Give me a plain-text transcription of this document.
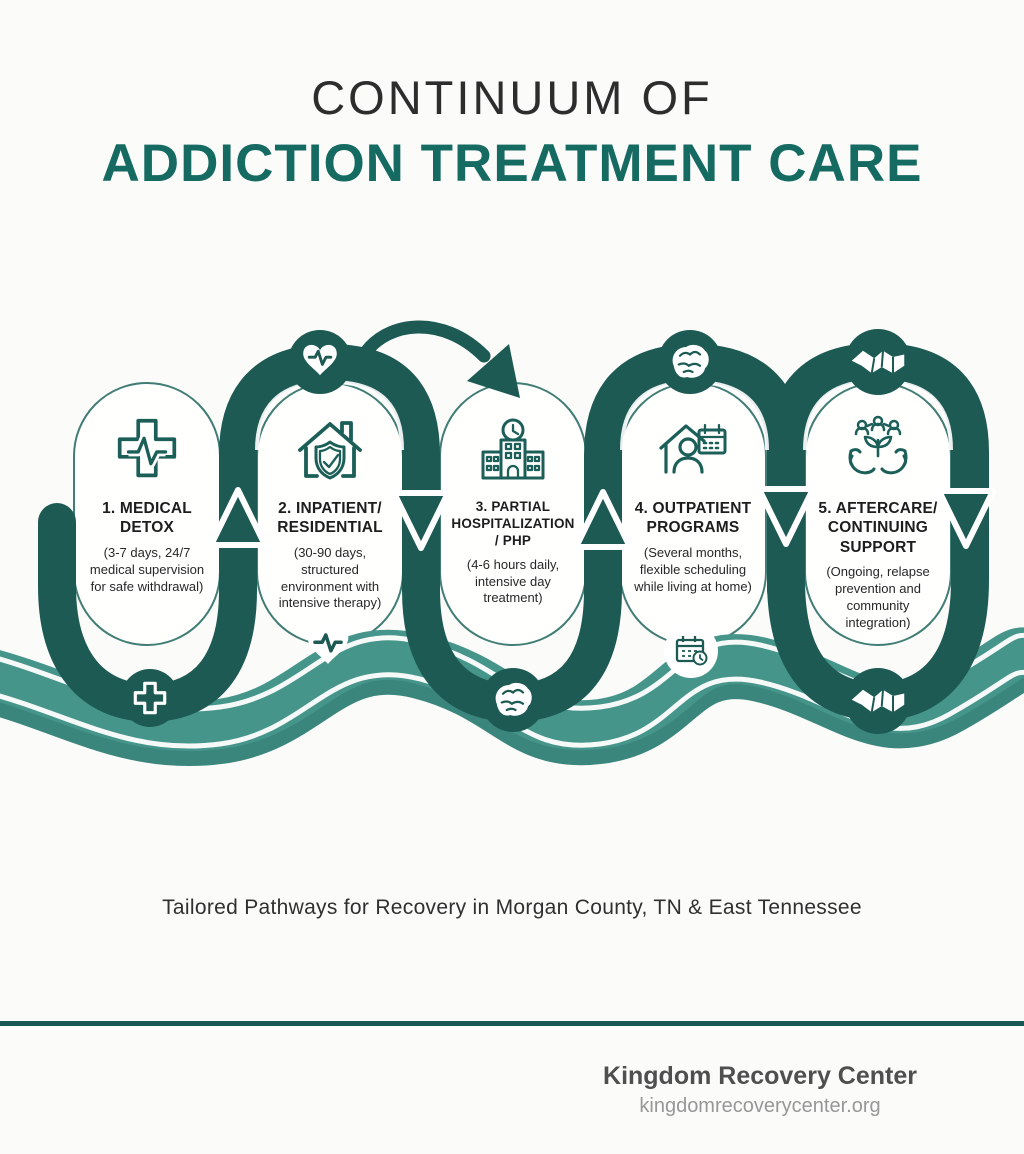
CONTINUUM OF
ADDICTION TREATMENT CARE
1. MEDICAL DETOX

(3-7 days, 24/7 medical supervision for safe withdrawal)

2. INPATIENT/ RESIDENTIAL

(30-90 days, structured environment with intensive therapy)

3. PARTIAL HOSPITALIZATION/ PHP

(4-6 hours daily, intensive day treatment)

4. OUTPATIENT PROGRAMS

(Several months, flexible scheduling while living at home)

5. AFTERCARE/ CONTINUING SUPPORT

(Ongoing, relapse prevention and community integration)

Tailored Pathways for Recovery in Morgan County, TN & East Tennessee
Kingdom Recovery Center
kingdomrecoverycenter.org
